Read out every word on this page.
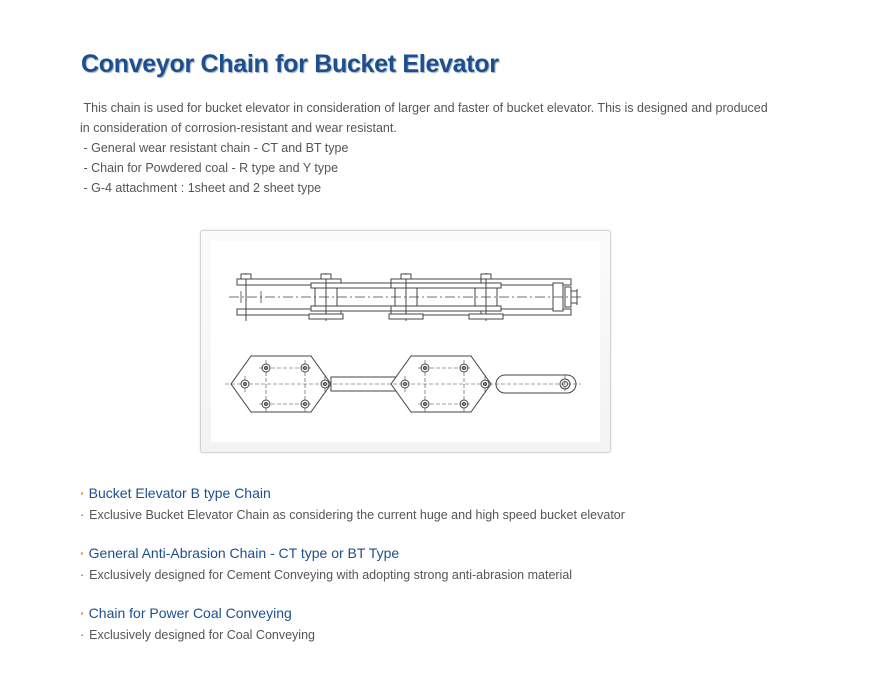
Conveyor Chain for Bucket Elevator

This chain is used for bucket elevator in consideration of larger and faster of bucket elevator. This is designed and produced in consideration of corrosion-resistant and wear resistant.

- General wear resistant chain - CT and BT type
- Chain for Powdered coal - R type and Y type
- G-4 attachment : 1sheet and 2 sheet type
· Bucket Elevator B type Chain

· Exclusive Bucket Elevator Chain as considering the current huge and high speed bucket elevator

· General Anti-Abrasion Chain - CT type or BT Type

· Exclusively designed for Cement Conveying with adopting strong anti-abrasion material

· Chain for Power Coal Conveying

· Exclusively designed for Coal Conveying
